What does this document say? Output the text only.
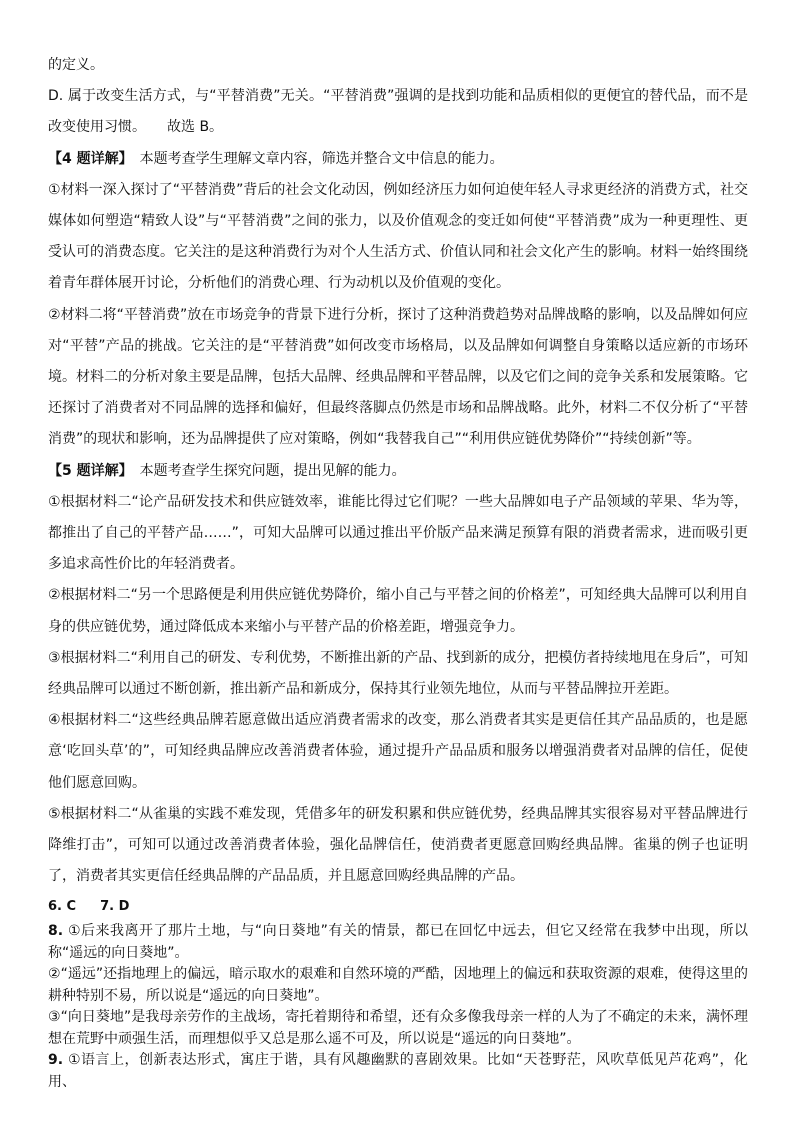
的定义。

D. 属于改变生活方式，与“平替消费”无关。“平替消费”强调的是找到功能和品质相似的更便宜的替代品，而不是改变使用习惯。　　故选 B。

【4 题详解】　 本题考查学生理解文章内容，筛选并整合文中信息的能力。

①材料一深入探讨了“平替消费”背后的社会文化动因，例如经济压力如何迫使年轻人寻求更经济的消费方式，社交媒体如何塑造“精致人设”与“平替消费”之间的张力，以及价值观念的变迁如何使“平替消费”成为一种更理性、更受认可的消费态度。它关注的是这种消费行为对个人生活方式、价值认同和社会文化产生的影响。材料一始终围绕着青年群体展开讨论，分析他们的消费心理、行为动机以及价值观的变化。

②材料二将“平替消费”放在市场竞争的背景下进行分析，探讨了这种消费趋势对品牌战略的影响，以及品牌如何应对“平替”产品的挑战。它关注的是“平替消费”如何改变市场格局，以及品牌如何调整自身策略以适应新的市场环境。材料二的分析对象主要是品牌，包括大品牌、经典品牌和平替品牌，以及它们之间的竞争关系和发展策略。它还探讨了消费者对不同品牌的选择和偏好，但最终落脚点仍然是市场和品牌战略。此外，材料二不仅分析了“平替消费”的现状和影响，还为品牌提供了应对策略，例如“我替我自己”“利用供应链优势降价”“持续创新”等。

【5 题详解】　 本题考查学生探究问题，提出见解的能力。

①根据材料二“论产品研发技术和供应链效率，谁能比得过它们呢？一些大品牌如电子产品领域的苹果、华为等，都推出了自己的平替产品……”，可知大品牌可以通过推出平价版产品来满足预算有限的消费者需求，进而吸引更多追求高性价比的年轻消费者。

②根据材料二“另一个思路便是利用供应链优势降价，缩小自己与平替之间的价格差”，可知经典大品牌可以利用自身的供应链优势，通过降低成本来缩小与平替产品的价格差距，增强竞争力。

③根据材料二“利用自己的研发、专利优势，不断推出新的产品、找到新的成分，把模仿者持续地甩在身后”，可知经典品牌可以通过不断创新，推出新产品和新成分，保持其行业领先地位，从而与平替品牌拉开差距。

④根据材料二“这些经典品牌若愿意做出适应消费者需求的改变，那么消费者其实是更信任其产品品质的，也是愿意‘吃回头草’的”，可知经典品牌应改善消费者体验，通过提升产品品质和服务以增强消费者对品牌的信任，促使他们愿意回购。

⑤根据材料二“从雀巢的实践不难发现，凭借多年的研发积累和供应链优势，经典品牌其实很容易对平替品牌进行降维打击”，可知可以通过改善消费者体验，强化品牌信任，使消费者更愿意回购经典品牌。雀巢的例子也证明了，消费者其实更信任经典品牌的产品品质，并且愿意回购经典品牌的产品。

6. C 7. D

8. ①后来我离开了那片土地，与“向日葵地”有关的情景，都已在回忆中远去，但它又经常在我梦中出现，所以称“遥远的向日葵地”。

②“遥远”还指地理上的偏远，暗示取水的艰难和自然环境的严酷，因地理上的偏远和获取资源的艰难，使得这里的耕种特别不易，所以说是“遥远的向日葵地”。

③“向日葵地”是我母亲劳作的主战场，寄托着期待和希望，还有众多像我母亲一样的人为了不确定的未来，满怀理想在荒野中顽强生活，而理想似乎又总是那么遥不可及，所以说是“遥远的向日葵地”。

9. ①语言上，创新表达形式，寓庄于谐，具有风趣幽默的喜剧效果。比如“天苍野茫，风吹草低见芦花鸡”，化用、
